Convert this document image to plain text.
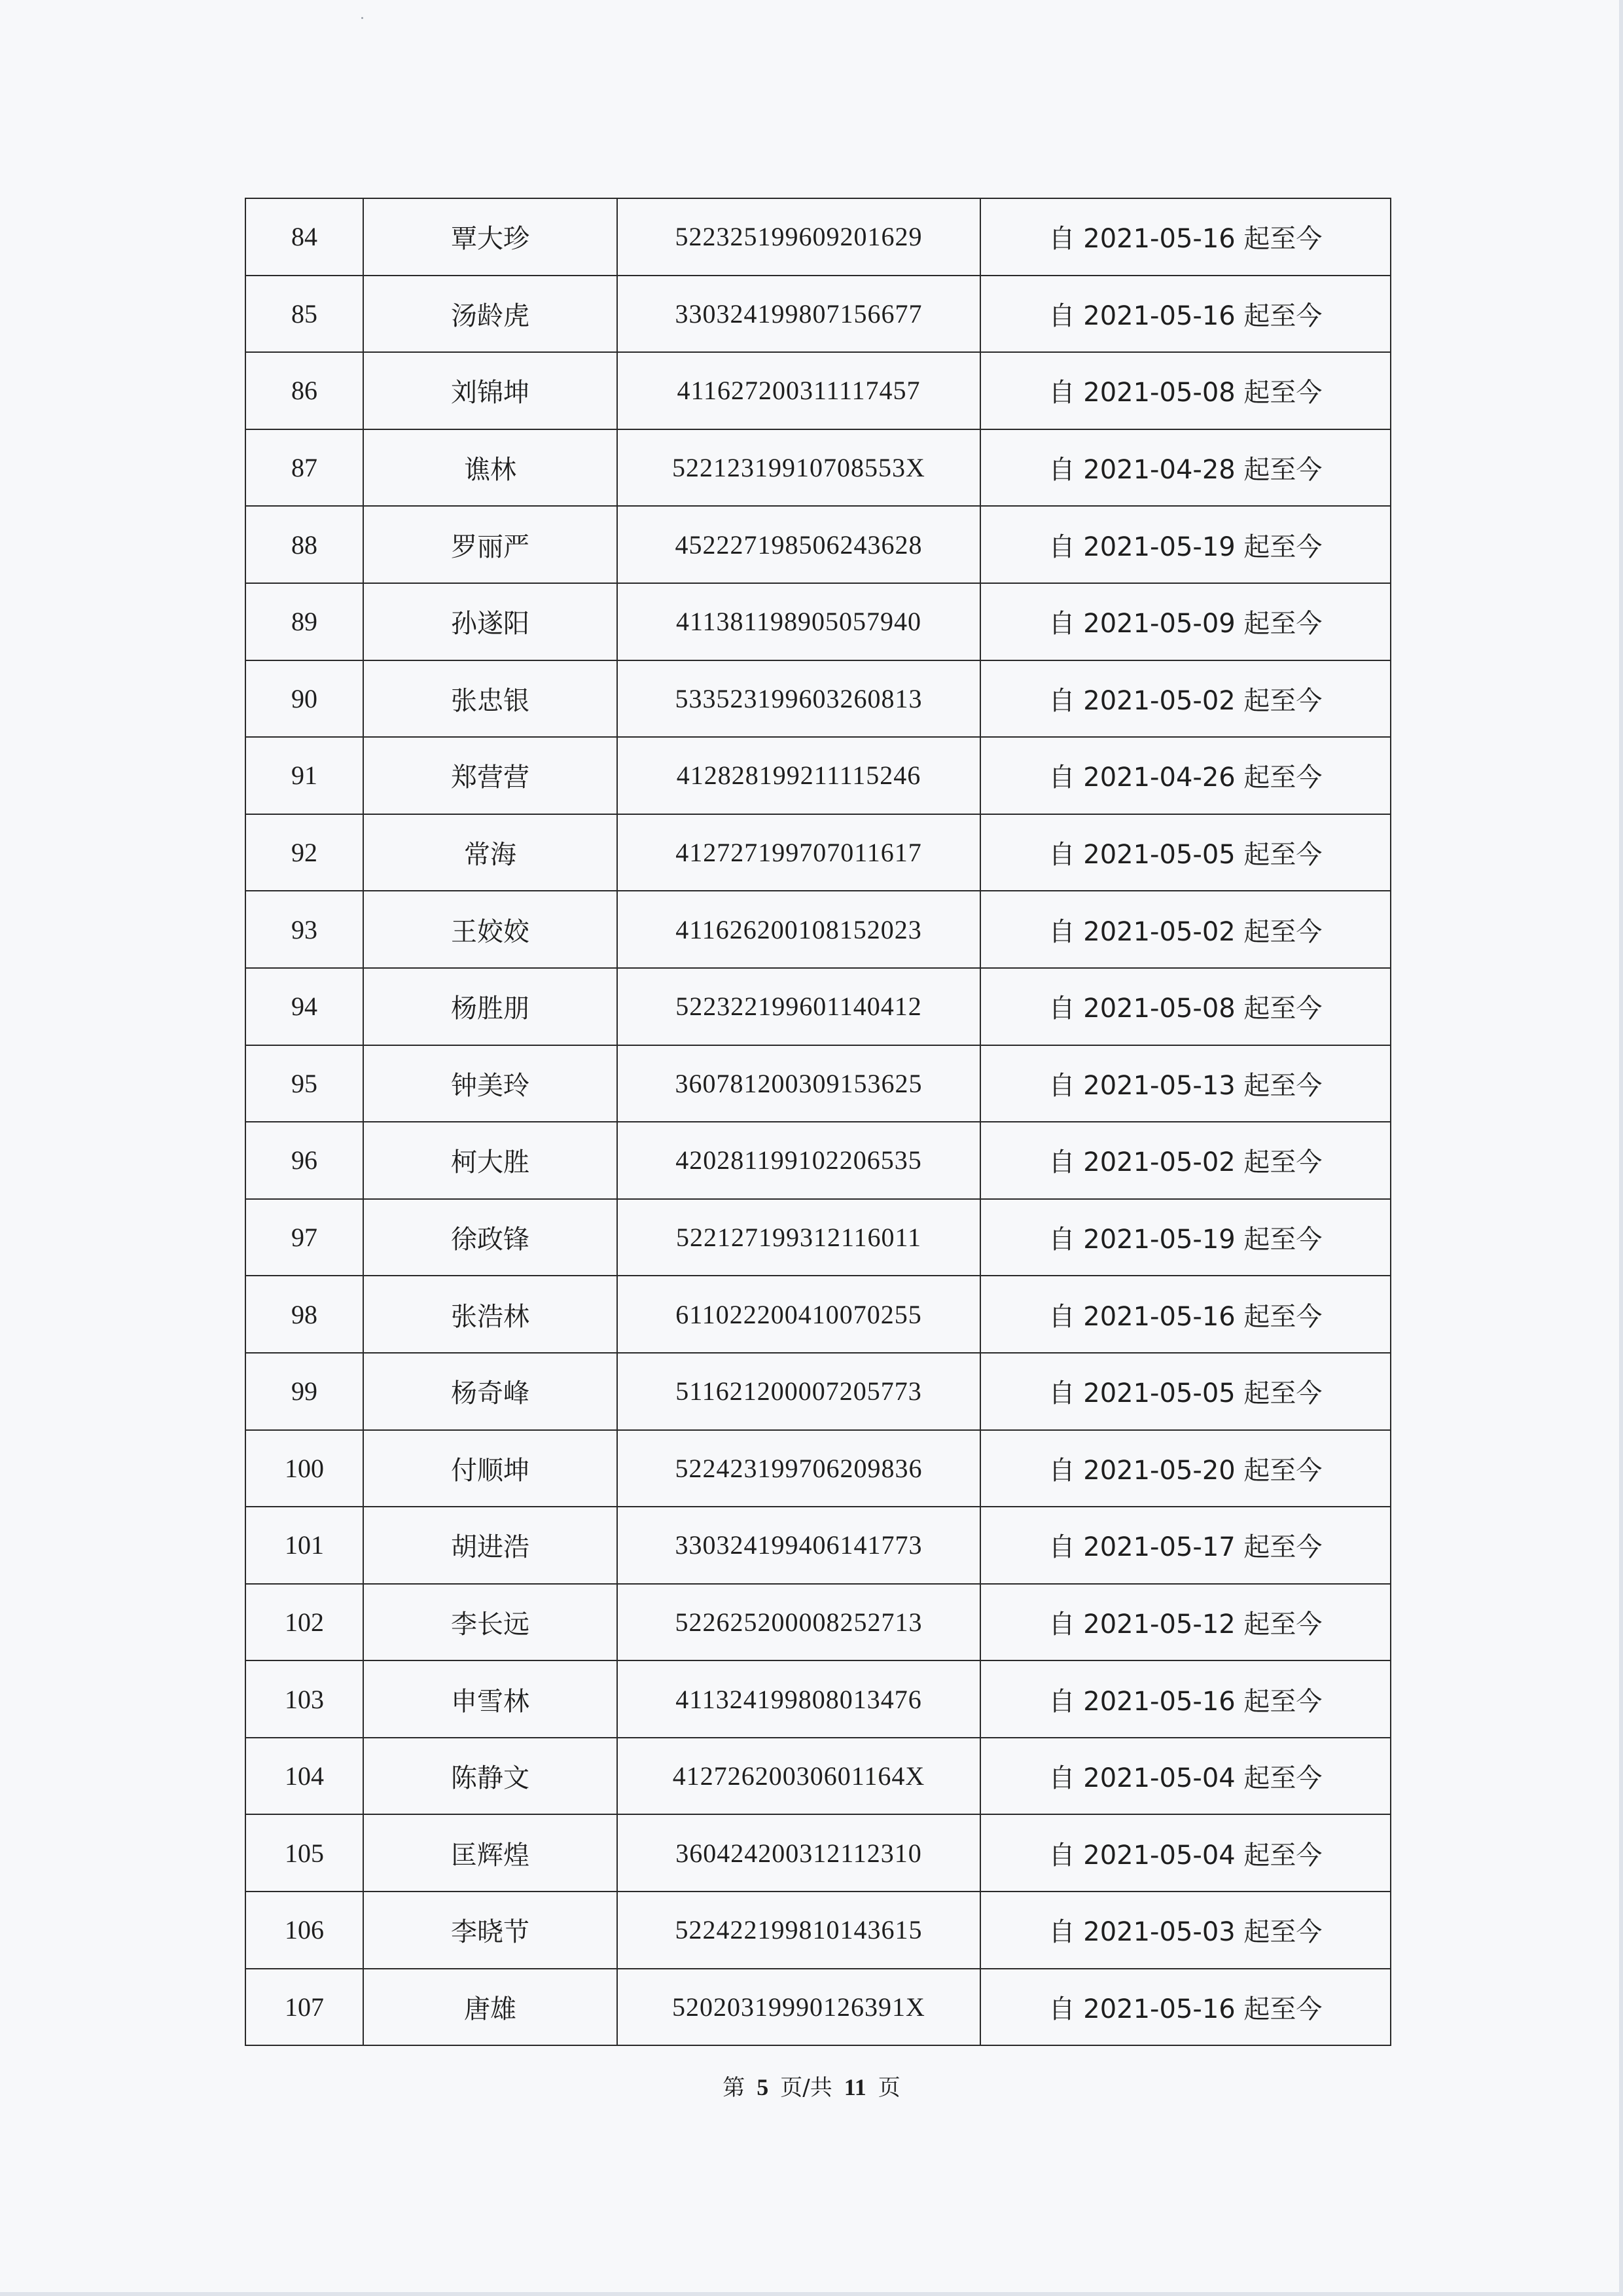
84	覃大珍	522325199609201629	自 2021-05-16 起至今
85	汤龄虎	330324199807156677	自 2021-05-16 起至今
86	刘锦坤	411627200311117457	自 2021-05-08 起至今
87	谯林	52212319910708553X	自 2021-04-28 起至今
88	罗丽严	452227198506243628	自 2021-05-19 起至今
89	孙遂阳	411381198905057940	自 2021-05-09 起至今
90	张忠银	533523199603260813	自 2021-05-02 起至今
91	郑营营	412828199211115246	自 2021-04-26 起至今
92	常海	412727199707011617	自 2021-05-05 起至今
93	王姣姣	411626200108152023	自 2021-05-02 起至今
94	杨胜朋	522322199601140412	自 2021-05-08 起至今
95	钟美玲	360781200309153625	自 2021-05-13 起至今
96	柯大胜	420281199102206535	自 2021-05-02 起至今
97	徐政锋	522127199312116011	自 2021-05-19 起至今
98	张浩林	611022200410070255	自 2021-05-16 起至今
99	杨奇峰	511621200007205773	自 2021-05-05 起至今
100	付顺坤	522423199706209836	自 2021-05-20 起至今
101	胡进浩	330324199406141773	自 2021-05-17 起至今
102	李长远	522625200008252713	自 2021-05-12 起至今
103	申雪林	411324199808013476	自 2021-05-16 起至今
104	陈静文	41272620030601164X	自 2021-05-04 起至今
105	匡辉煌	360424200312112310	自 2021-05-04 起至今
106	李晓节	522422199810143615	自 2021-05-03 起至今
107	唐雄	52020319990126391X	自 2021-05-16 起至今
第 5 页/共 11 页
